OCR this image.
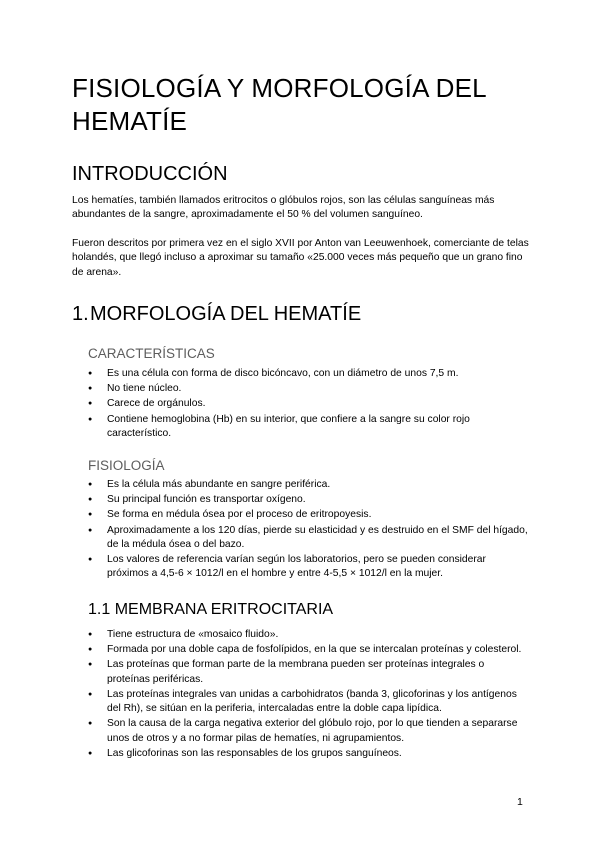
FISIOLOGÍA Y MORFOLOGÍA DEL HEMATÍE
INTRODUCCIÓN

Los hematíes, también llamados eritrocitos o glóbulos rojos, son las células sanguíneas más abundantes de la sangre, aproximadamente el 50 % del volumen sanguíneo.

Fueron descritos por primera vez en el siglo XVII por Anton van Leeuwenhoek, comerciante de telas holandés, que llegó incluso a aproximar su tamaño «25.000 veces más pequeño que un grano fino de arena».

1.MORFOLOGÍA DEL HEMATÍE
CARACTERÍSTICAS
● Es una célula con forma de disco bicóncavo, con un diámetro de unos 7,5 m.
● No tiene núcleo.
● Carece de orgánulos.
● Contiene hemoglobina (Hb) en su interior, que confiere a la sangre su color rojo característico.
FISIOLOGÍA
● Es la célula más abundante en sangre periférica.
● Su principal función es transportar oxígeno.
● Se forma en médula ósea por el proceso de eritropoyesis.
● Aproximadamente a los 120 días, pierde su elasticidad y es destruido en el SMF del hígado, de la médula ósea o del bazo.
● Los valores de referencia varían según los laboratorios, pero se pueden considerar próximos a 4,5-6 × 1012/l en el hombre y entre 4-5,5 × 1012/l en la mujer.
1.1 MEMBRANA ERITROCITARIA
● Tiene estructura de «mosaico fluido».
● Formada por una doble capa de fosfolípidos, en la que se intercalan proteínas y colesterol.
● Las proteínas que forman parte de la membrana pueden ser proteínas integrales o proteínas periféricas.
● Las proteínas integrales van unidas a carbohidratos (banda 3, glicoforinas y los antígenos del Rh), se sitúan en la periferia, intercaladas entre la doble capa lipídica.
● Son la causa de la carga negativa exterior del glóbulo rojo, por lo que tienden a separarse unos de otros y a no formar pilas de hematíes, ni agrupamientos.
● Las glicoforinas son las responsables de los grupos sanguíneos.
1
